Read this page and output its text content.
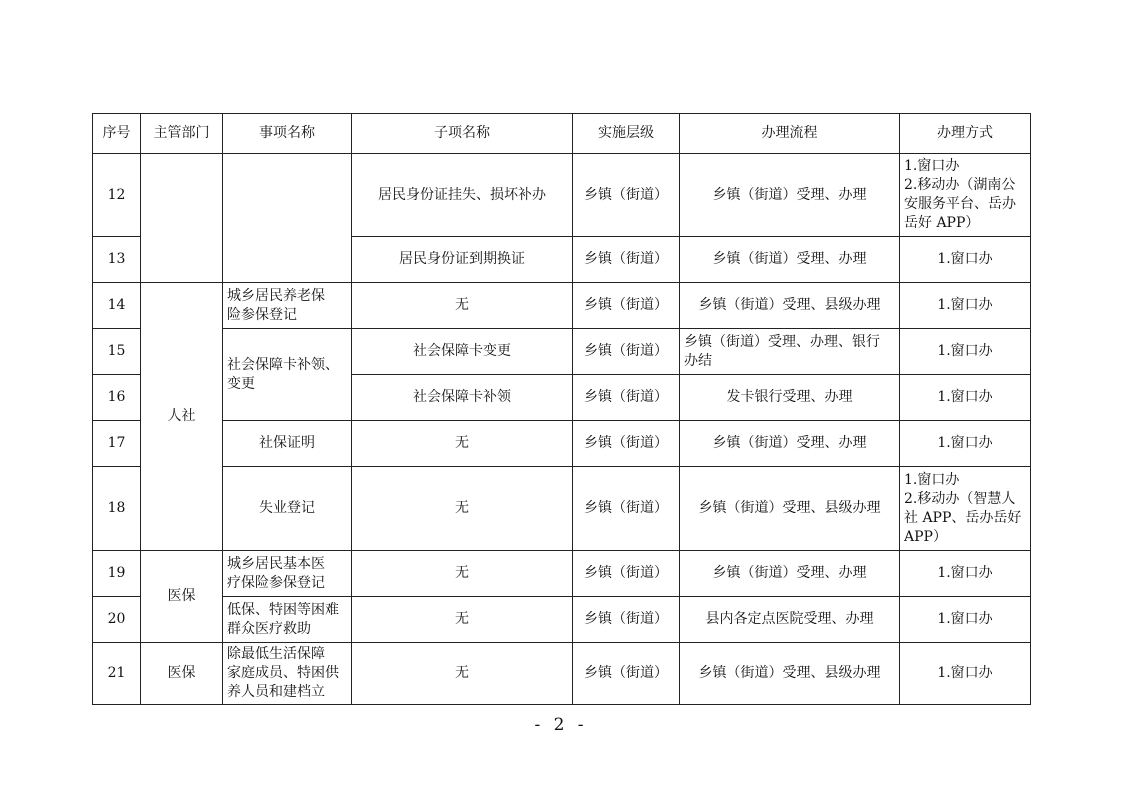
序号	主管部门	事项名称	子项名称	实施层级	办理流程	办理方式
12			居民身份证挂失、损坏补办	乡镇（街道）	乡镇（街道）受理、办理	1.窗口办
2.移动办（湖南公
安服务平台、岳办
岳好 APP）

13			居民身份证到期换证	乡镇（街道）	乡镇（街道）受理、办理	1.窗口办
14	人社	城乡居民养老保
险参保登记	无	乡镇（街道）	乡镇（街道）受理、县级办理	1.窗口办
15		社会保障卡补领、
变更	社会保障卡变更	乡镇（街道）	乡镇（街道）受理、办理、银行
办结	1.窗口办
16			社会保障卡补领	乡镇（街道）	发卡银行受理、办理	1.窗口办
17		社保证明	无	乡镇（街道）	乡镇（街道）受理、办理	1.窗口办
18		失业登记	无	乡镇（街道）	乡镇（街道）受理、县级办理	1.窗口办
2.移动办（智慧人
社 APP、岳办岳好
APP）

19	医保	城乡居民基本医
疗保险参保登记	无	乡镇（街道）	乡镇（街道）受理、办理	1.窗口办
20		低保、特困等困难
群众医疗救助	无	乡镇（街道）	县内各定点医院受理、办理	1.窗口办
21	医保	除最低生活保障
家庭成员、特困供
养人员和建档立	无	乡镇（街道）	乡镇（街道）受理、县级办理	1.窗口办
- 2 -
